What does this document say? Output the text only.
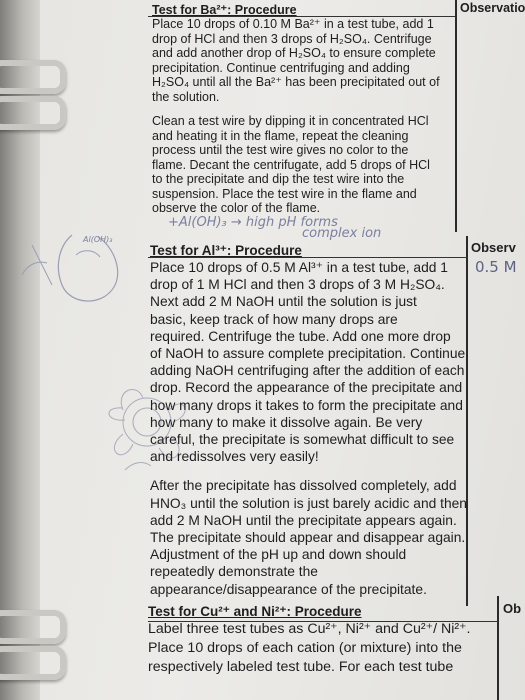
Observatio
Observ
Ob
0.5 M
Test for Ba²⁺: Procedure
Place 10 drops of 0.10 M Ba²⁺ in a test tube, add 1
drop of HCl and then 3 drops of H₂SO₄. Centrifuge
and add another drop of H₂SO₄ to ensure complete
precipitation. Continue centrifuging and adding
H₂SO₄ until all the Ba²⁺ has been precipitated out of
the solution.
Clean a test wire by dipping it in concentrated HCl
and heating it in the flame, repeat the cleaning
process until the test wire gives no color to the
flame. Decant the centrifugate, add 5 drops of HCl
to the precipitate and dip the test wire into the
suspension. Place the test wire in the flame and
observe the color of the flame.
+Al(OH)₃ → high pH forms
complex ion
Al(OH)₃
Test for Al³⁺: Procedure
Place 10 drops of 0.5 M Al³⁺ in a test tube, add 1
drop of 1 M HCl and then 3 drops of 3 M H₂SO₄.
Next add 2 M NaOH until the solution is just
basic, keep track of how many drops are
required. Centrifuge the tube. Add one more drop
of NaOH to assure complete precipitation. Continue
adding NaOH centrifuging after the addition of each
drop. Record the appearance of the precipitate and
how many drops it takes to form the precipitate and
how many to make it dissolve again. Be very
careful, the precipitate is somewhat difficult to see
and redissolves very easily!
After the precipitate has dissolved completely, add
HNO₃ until the solution is just barely acidic and then
add 2 M NaOH until the precipitate appears again.
The precipitate should appear and disappear again.
Adjustment of the pH up and down should
repeatedly demonstrate the
appearance/disappearance of the precipitate.
Test for Cu²⁺ and Ni²⁺: Procedure
Label three test tubes as Cu²⁺, Ni²⁺ and Cu²⁺/ Ni²⁺.
Place 10 drops of each cation (or mixture) into the
respectively labeled test tube. For each test tube
